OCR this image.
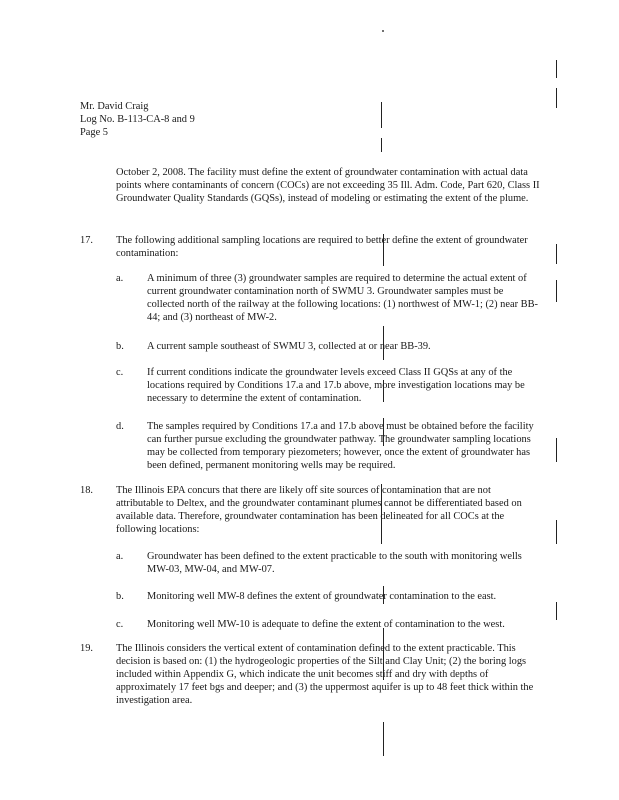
Mr. David Craig
Log No. B-113-CA-8 and 9
Page 5
October 2, 2008. The facility must define the extent of groundwater contamination with actual data points where contaminants of concern (COCs) are not exceeding 35 Ill. Adm. Code, Part 620, Class II Groundwater Quality Standards (GQSs), instead of modeling or estimating the extent of the plume.
17. The following additional sampling locations are required to better define the extent of groundwater contamination:
a. A minimum of three (3) groundwater samples are required to determine the actual extent of current groundwater contamination north of SWMU 3. Groundwater samples must be collected north of the railway at the following locations: (1) northwest of MW-1; (2) near BB-44; and (3) northeast of MW-2.
b. A current sample southeast of SWMU 3, collected at or near BB-39.
c. If current conditions indicate the groundwater levels exceed Class II GQSs at any of the locations required by Conditions 17.a and 17.b above, more investigation locations may be necessary to determine the extent of contamination.
d. The samples required by Conditions 17.a and 17.b above must be obtained before the facility can further pursue excluding the groundwater pathway. The groundwater sampling locations may be collected from temporary piezometers; however, once the extent of groundwater has been defined, permanent monitoring wells may be required.
18. The Illinois EPA concurs that there are likely off site sources of contamination that are not attributable to Deltex, and the groundwater contaminant plumes cannot be differentiated based on available data. Therefore, groundwater contamination has been delineated for all COCs at the following locations:
a. Groundwater has been defined to the extent practicable to the south with monitoring wells MW-03, MW-04, and MW-07.
b. Monitoring well MW-8 defines the extent of groundwater contamination to the east.
c. Monitoring well MW-10 is adequate to define the extent of contamination to the west.
19. The Illinois considers the vertical extent of contamination defined to the extent practicable. This decision is based on: (1) the hydrogeologic properties of the Silt and Clay Unit; (2) the boring logs included within Appendix G, which indicate the unit becomes stiff and dry with depths of approximately 17 feet bgs and deeper; and (3) the uppermost aquifer is up to 48 feet thick within the investigation area.
